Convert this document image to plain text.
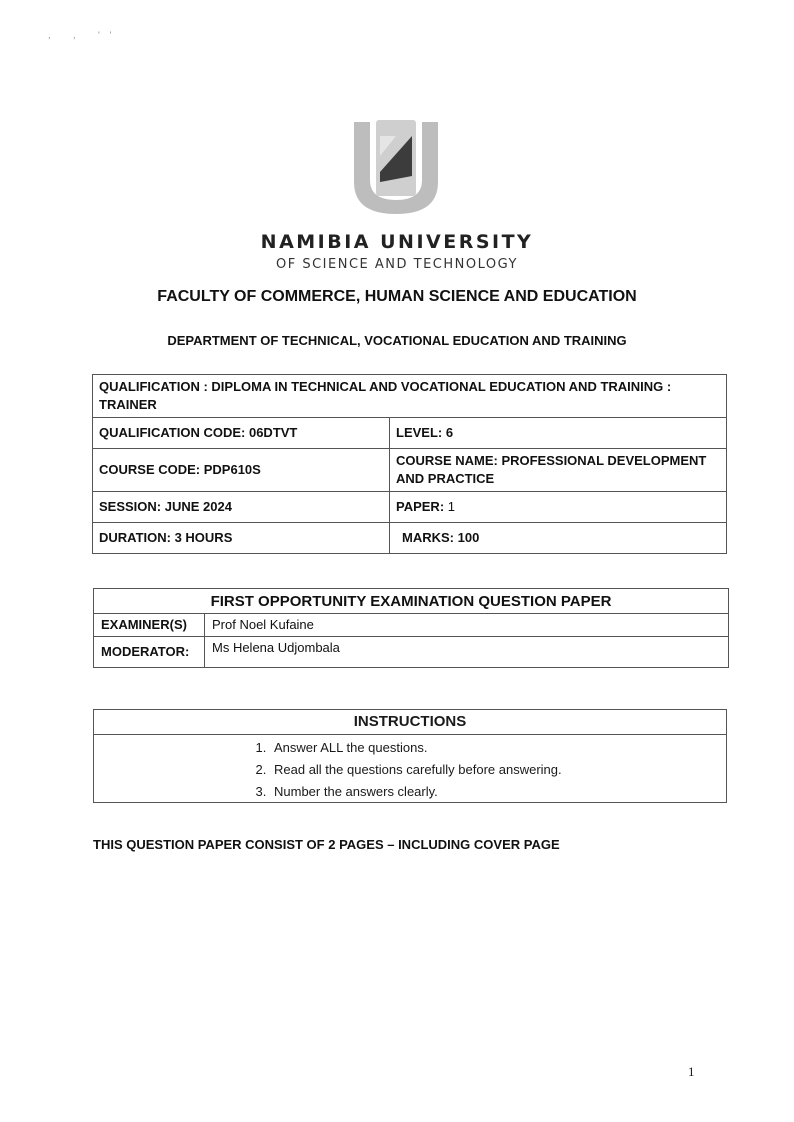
, , ''
NAMIBIA UNIVERSITY
OF SCIENCE AND TECHNOLOGY
FACULTY OF COMMERCE, HUMAN SCIENCE AND EDUCATION
DEPARTMENT OF TECHNICAL, VOCATIONAL EDUCATION AND TRAINING
QUALIFICATION : DIPLOMA IN TECHNICAL AND VOCATIONAL EDUCATION AND TRAINING : TRAINER	
QUALIFICATION CODE: 06DTVT	LEVEL: 6
COURSE CODE: PDP610S	COURSE NAME: PROFESSIONAL DEVELOPMENT AND PRACTICE
SESSION: JUNE 2024	PAPER: 1
DURATION: 3 HOURS	MARKS: 100
FIRST OPPORTUNITY EXAMINATION QUESTION PAPER	
EXAMINER(S)	Prof Noel Kufaine
MODERATOR:	Ms Helena Udjombala
INSTRUCTIONS
1. Answer ALL the questions.
2. Read all the questions carefully before answering.
3. Number the answers clearly.
THIS QUESTION PAPER CONSIST OF 2 PAGES – INCLUDING COVER PAGE
1
